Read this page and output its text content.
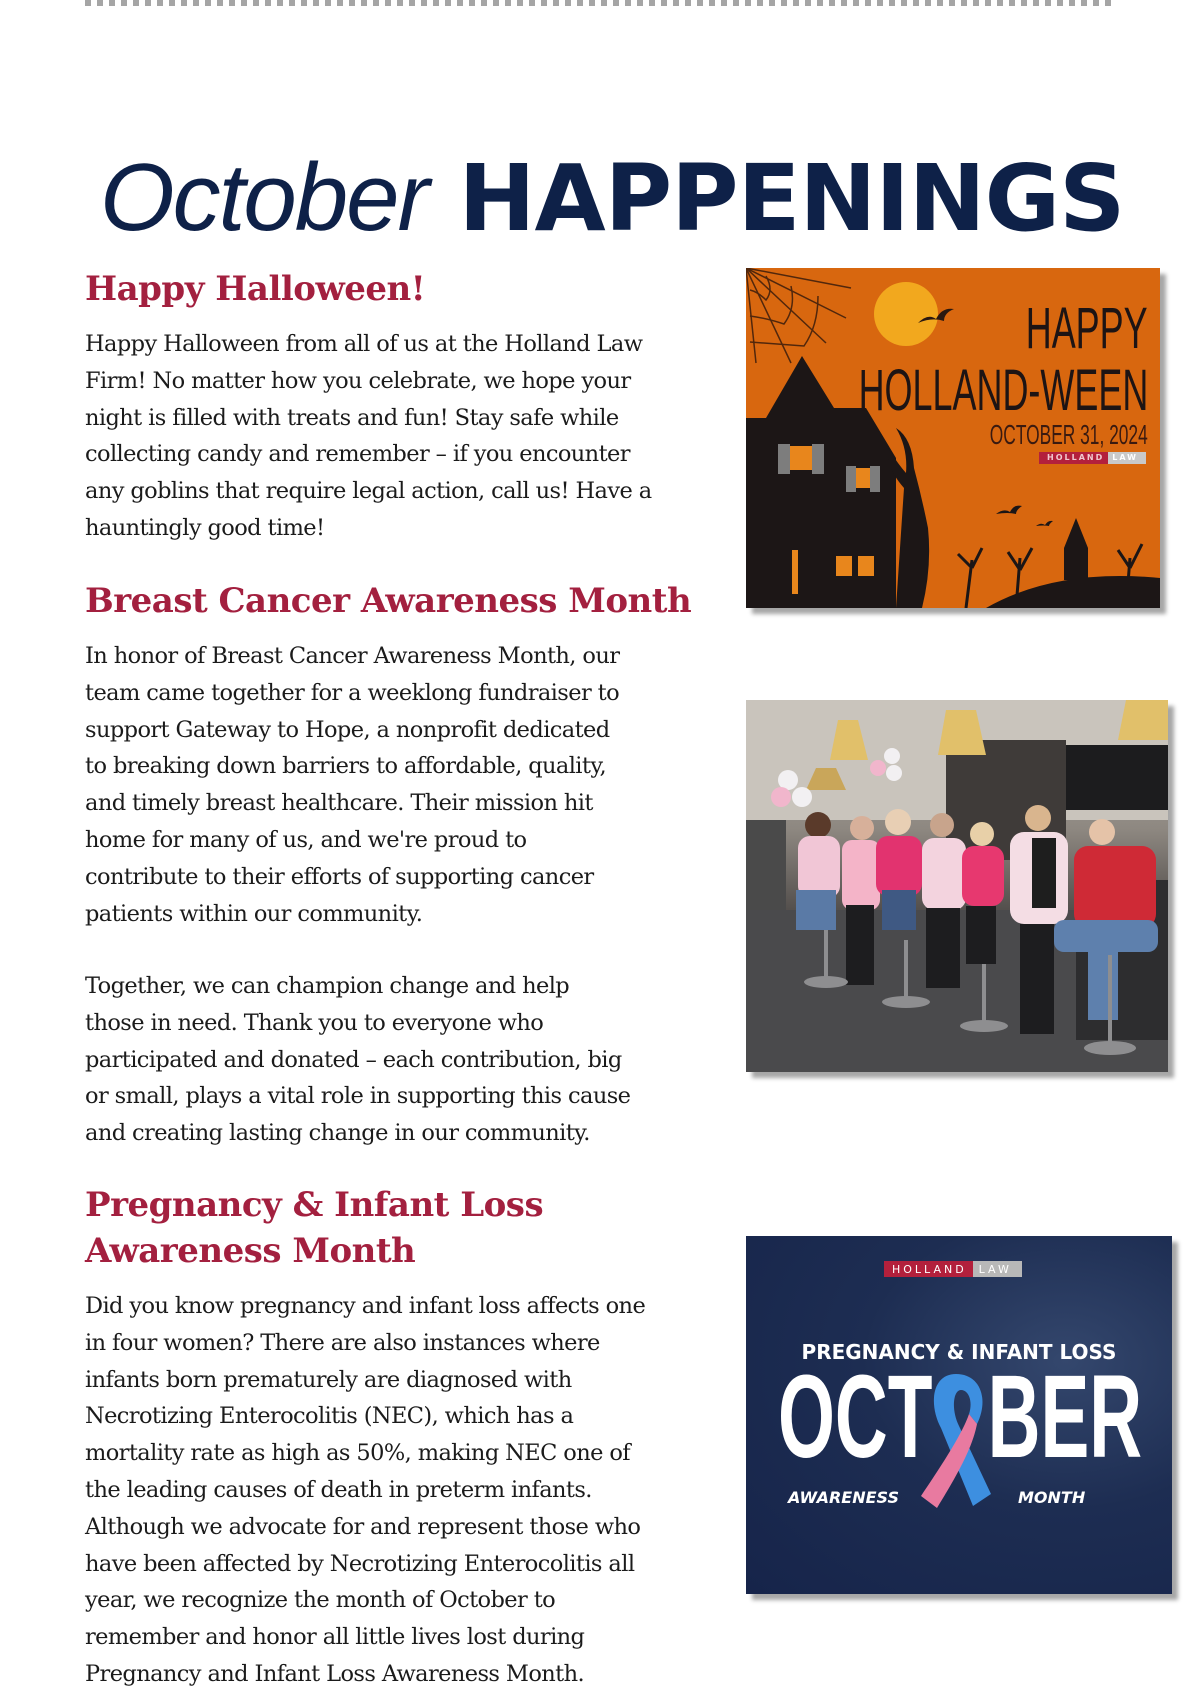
October HAPPENINGS
Happy Halloween!

Happy Halloween from all of us at the Holland Law
Firm! No matter how you celebrate, we hope your
night is filled with treats and fun! Stay safe while
collecting candy and remember – if you encounter
any goblins that require legal action, call us! Have a
hauntingly good time!

HAPPY
HOLLAND-WEEN
OCTOBER 31, 2024
HOLLAND	LAW
Breast Cancer Awareness Month

In honor of Breast Cancer Awareness Month, our
team came together for a weeklong fundraiser to
support Gateway to Hope, a nonprofit dedicated
to breaking down barriers to affordable, quality,
and timely breast healthcare. Their mission hit
home for many of us, and we're proud to
contribute to their efforts of supporting cancer
patients within our community.

Together, we can champion change and help
those in need. Thank you to everyone who
participated and donated – each contribution, big
or small, plays a vital role in supporting this cause
and creating lasting change in our community.

Pregnancy & Infant Loss
Awareness Month

Did you know pregnancy and infant loss affects one
in four women? There are also instances where
infants born prematurely are diagnosed with
Necrotizing Enterocolitis (NEC), which has a
mortality rate as high as 50%, making NEC one of
the leading causes of death in preterm infants.
Although we advocate for and represent those who
have been affected by Necrotizing Enterocolitis all
year, we recognize the month of October to
remember and honor all little lives lost during
Pregnancy and Infant Loss Awareness Month.

HOLLAND	LAW
PREGNANCY & INFANT LOSS
OCT BER
AWARENESS	MONTH
